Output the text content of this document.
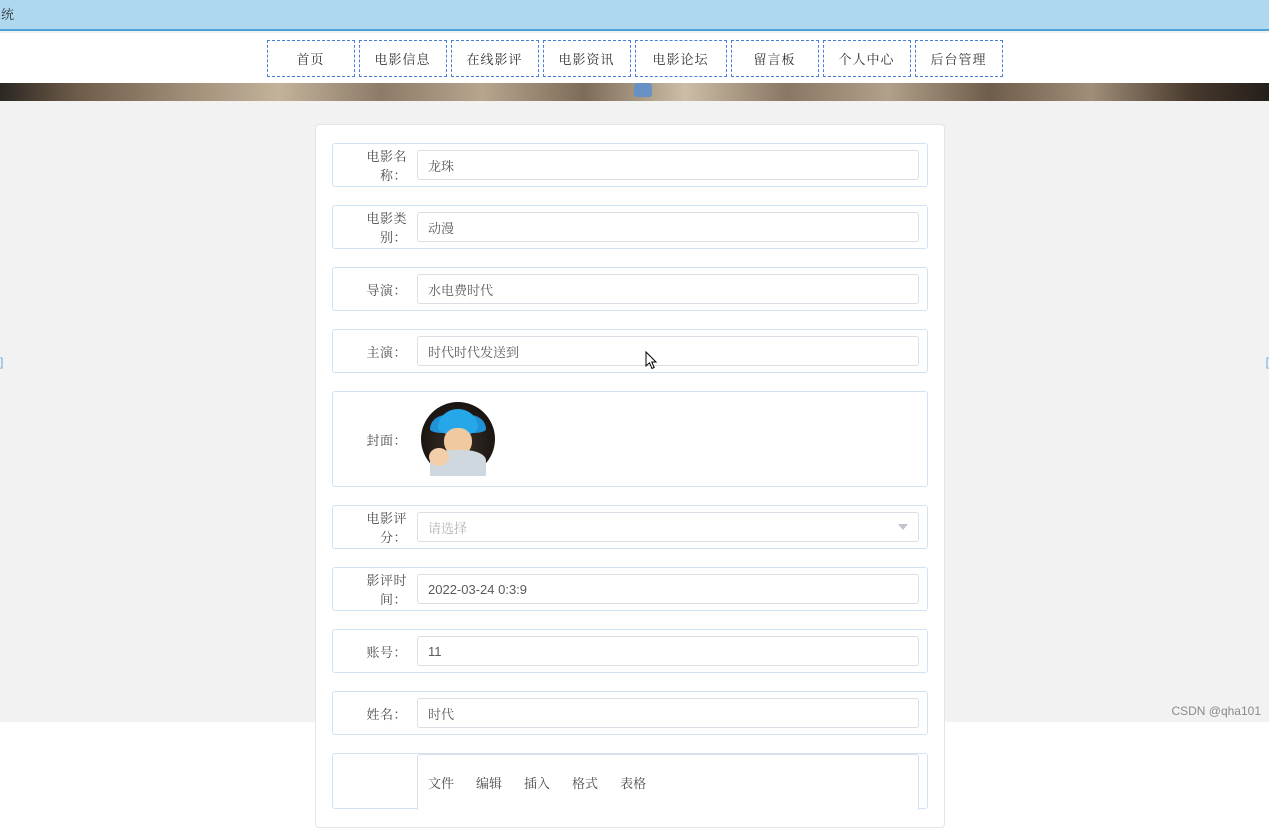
统
首页	电影信息	在线影评	电影资讯	电影论坛	留言板	个人中心	后台管理
]	[
电影名称：
龙珠
电影类别：
动漫
导演：	水电费时代
主演：	时代时代发送到
封面：
电影评分：
请选择
影评时间：
2022-03-24 0:3:9
账号：	11
姓名：	时代
文件 编辑 插入 格式 表格
CSDN @qha101
